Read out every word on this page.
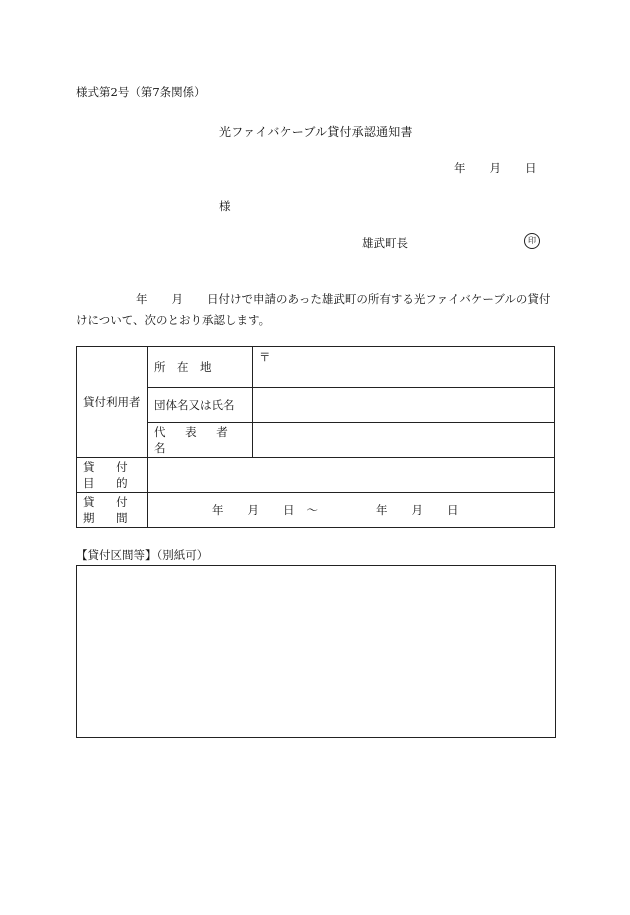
様式第2号（第7条関係）
光ファイバケーブル貸付承認通知書
年 月 日
様
雄武町長	印
年 月 日付けで申請のあった雄武町の所有する光ファイバケーブルの貸付けについて、次のとおり承認します。
貸付利用者	所　在　地	〒
	団体名又は氏名	
	代 表 者 名	
貸 付 目 的		
貸 付 期 間	年 月 日 ～ 年 月 日	
【貸付区間等】（別紙可）
